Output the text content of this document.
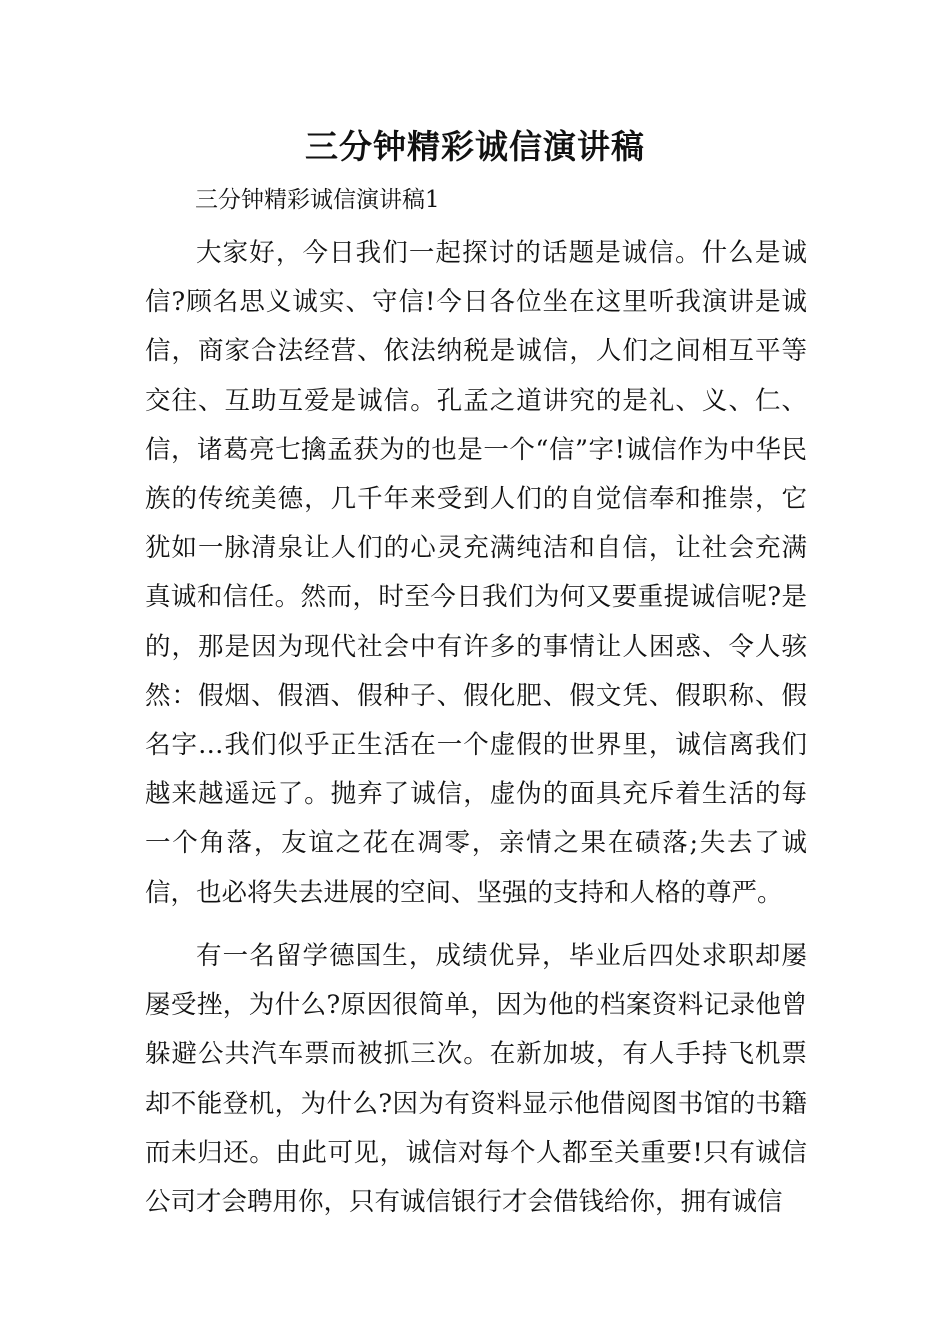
三分钟精彩诚信演讲稿
三分钟精彩诚信演讲稿1

大家好，今日我们一起探讨的话题是诚信。什么是诚信?顾名思义诚实、守信!今日各位坐在这里听我演讲是诚信，商家合法经营、依法纳税是诚信，人们之间相互平等交往、互助互爱是诚信。孔孟之道讲究的是礼、义、仁、信，诸葛亮七擒孟获为的也是一个“信”字!诚信作为中华民族的传统美德，几千年来受到人们的自觉信奉和推崇，它犹如一脉清泉让人们的心灵充满纯洁和自信，让社会充满真诚和信任。然而，时至今日我们为何又要重提诚信呢?是的，那是因为现代社会中有许多的事情让人困惑、令人骇然：假烟、假酒、假种子、假化肥、假文凭、假职称、假名字…我们似乎正生活在一个虚假的世界里，诚信离我们越来越遥远了。抛弃了诚信，虚伪的面具充斥着生活的每一个角落，友谊之花在凋零，亲情之果在碛落;失去了诚信，也必将失去进展的空间、坚强的支持和人格的尊严。

有一名留学德国生，成绩优异，毕业后四处求职却屡屡受挫，为什么?原因很简单，因为他的档案资料记录他曾躲避公共汽车票而被抓三次。在新加坡，有人手持飞机票却不能登机，为什么?因为有资料显示他借阅图书馆的书籍而未归还。由此可见，诚信对每个人都至关重要!只有诚信公司才会聘用你，只有诚信银行才会借钱给你，拥有诚信
